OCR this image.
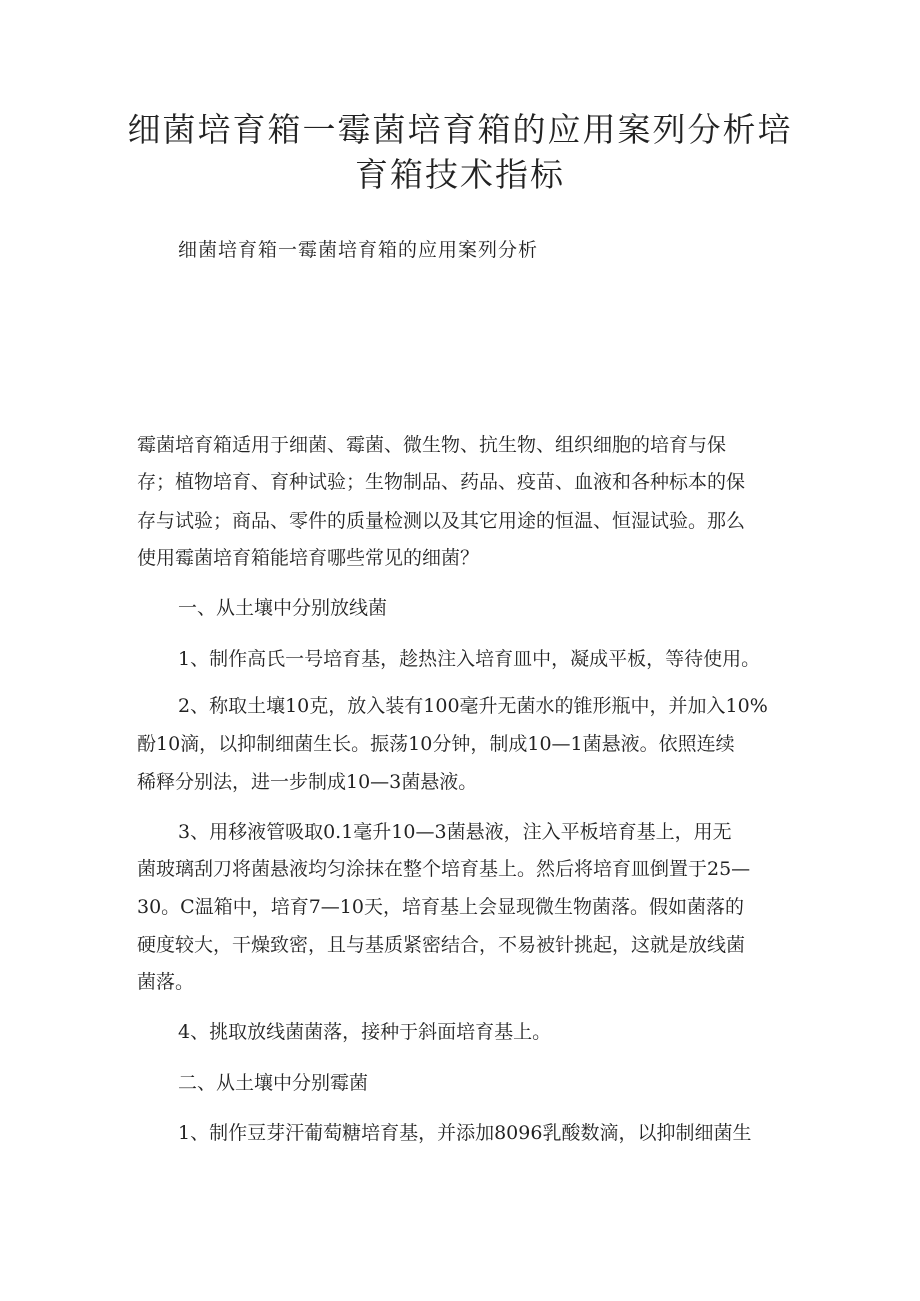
细菌培育箱一霉菌培育箱的应用案列分析培
育箱技术指标

细菌培育箱一霉菌培育箱的应用案列分析

霉菌培育箱适用于细菌、霉菌、微生物、抗生物、组织细胞的培育与保

存；植物培育、育种试验；生物制品、药品、疫苗、血液和各种标本的保

存与试验；商品、零件的质量检测以及其它用途的恒温、恒湿试验。那么

使用霉菌培育箱能培育哪些常见的细菌？

一、从土壤中分别放线菌

1、制作高氏一号培育基，趁热注入培育皿中，凝成平板，等待使用。

2、称取土壤10克，放入装有100毫升无菌水的锥形瓶中，并加入10%

酚10滴，以抑制细菌生长。振荡10分钟，制成10—1菌悬液。依照连续

稀释分别法，进一步制成10—3菌悬液。

3、用移液管吸取0.1毫升10—3菌悬液，注入平板培育基上，用无

菌玻璃刮刀将菌悬液均匀涂抹在整个培育基上。然后将培育皿倒置于25—

30。C温箱中，培育7—10天，培育基上会显现微生物菌落。假如菌落的

硬度较大，干燥致密，且与基质紧密结合，不易被针挑起，这就是放线菌

菌落。

4、挑取放线菌菌落，接种于斜面培育基上。

二、从土壤中分别霉菌

1、制作豆芽汗葡萄糖培育基，并添加8096乳酸数滴，以抑制细菌生
